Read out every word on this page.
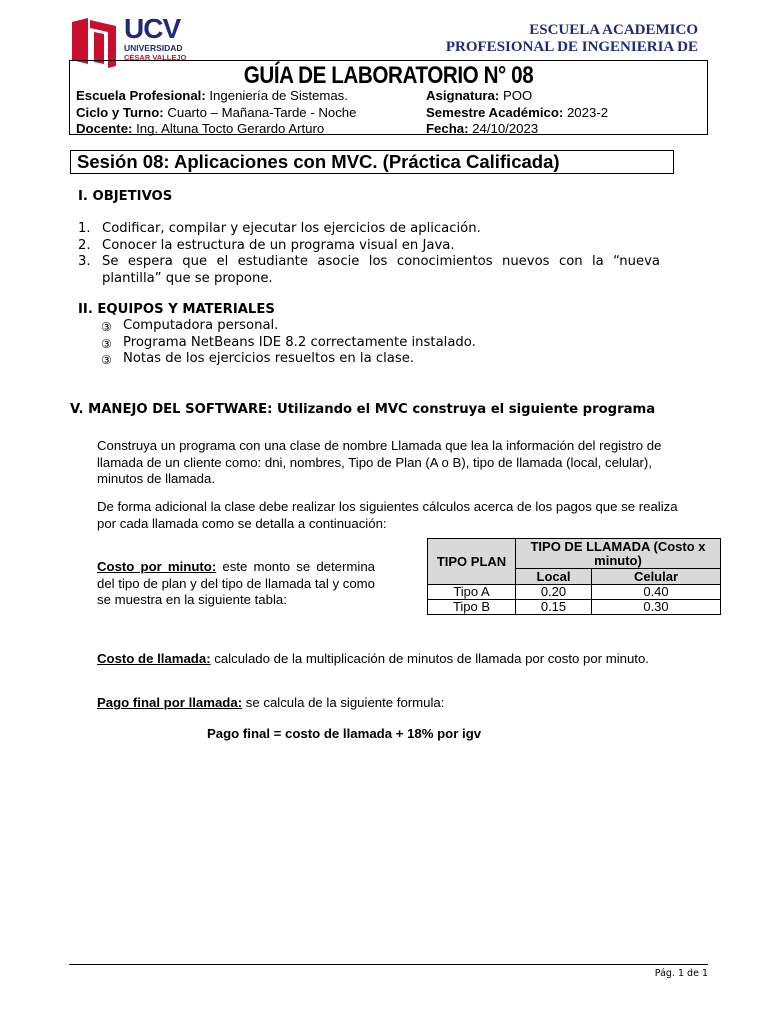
UCV
UNIVERSIDAD
CÉSAR VALLEJO
ESCUELA ACADEMICO
PROFESIONAL DE INGENIERIA DE
GUÍA DE LABORATORIO N° 08
Escuela Profesional: Ingeniería de Sistemas.
Ciclo y Turno: Cuarto – Mañana-Tarde - Noche
Docente: Ing. Altuna Tocto Gerardo Arturo
Asignatura: POO
Semestre Académico: 2023-2
Fecha: 24/10/2023
Sesión 08: Aplicaciones con MVC. (Práctica Calificada)
I. OBJETIVOS
1. Codificar, compilar y ejecutar los ejercicios de aplicación.
2. Conocer la estructura de un programa visual en Java.
3. Se espera que el estudiante asocie los conocimientos nuevos con la “nueva plantilla” que se propone.
II. EQUIPOS Y MATERIALES
③ Computadora personal.
③ Programa NetBeans IDE 8.2 correctamente instalado.
③ Notas de los ejercicios resueltos en la clase.
V. MANEJO DEL SOFTWARE: Utilizando el MVC construya el siguiente programa
Construya un programa con una clase de nombre Llamada que lea la información del registro de llamada de un cliente como: dni, nombres, Tipo de Plan (A o B), tipo de llamada (local, celular), minutos de llamada.
De forma adicional la clase debe realizar los siguientes cálculos acerca de los pagos que se realiza por cada llamada como se detalla a continuación:
Costo por minuto: este monto se determina del tipo de plan y del tipo de llamada tal y como se muestra en la siguiente tabla:
TIPO PLAN	TIPO DE LLAMADA (Costo x minuto)	
	Local	Celular
Tipo A	0.20	0.40
Tipo B	0.15	0.30
Costo de llamada: calculado de la multiplicación de minutos de llamada por costo por minuto.
Pago final por llamada: se calcula de la siguiente formula:
Pago final = costo de llamada + 18% por igv
Pág. 1 de 1
